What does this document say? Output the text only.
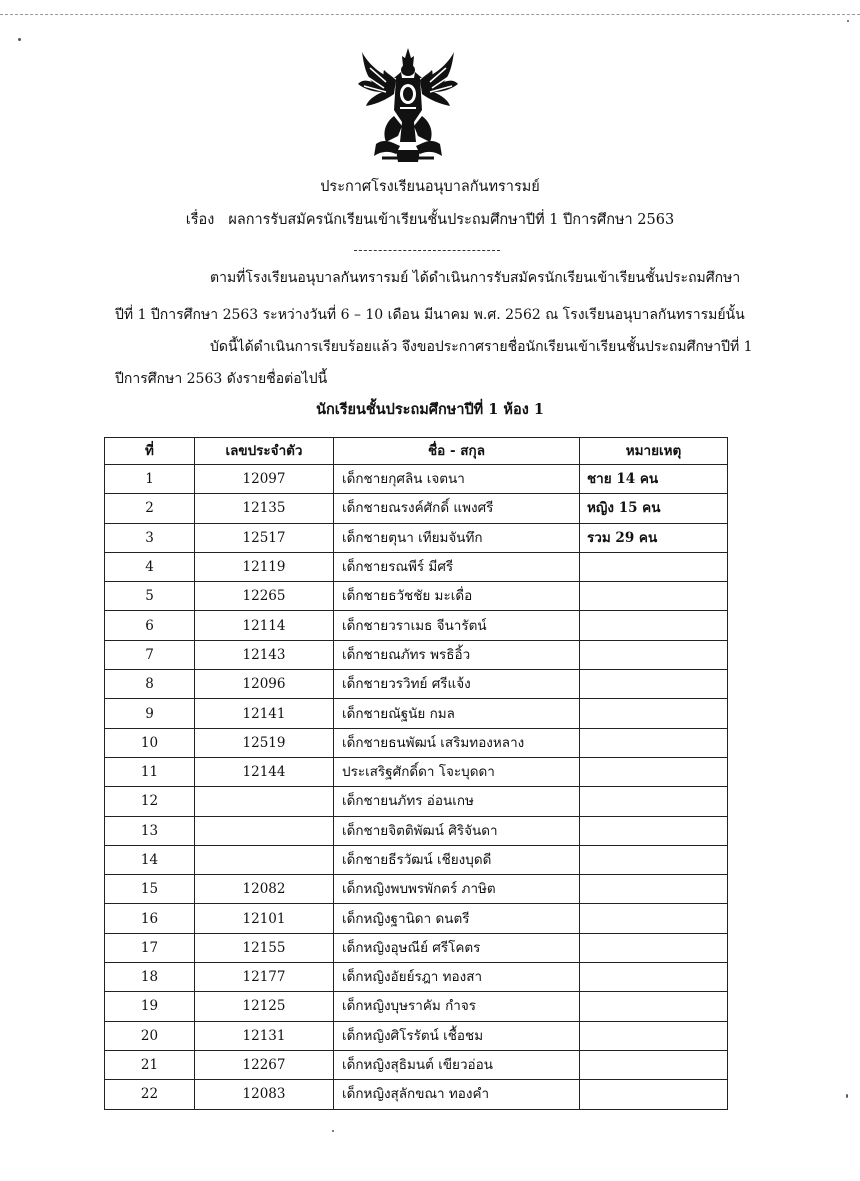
ประกาศโรงเรียนอนุบาลกันทรารมย์
เรื่อง ผลการรับสมัครนักเรียนเข้าเรียนชั้นประถมศึกษาปีที่ 1 ปีการศึกษา 2563
ตามที่โรงเรียนอนุบาลกันทรารมย์ ได้ดำเนินการรับสมัครนักเรียนเข้าเรียนชั้นประถมศึกษา
ปีที่ 1 ปีการศึกษา 2563 ระหว่างวันที่ 6 – 10 เดือน มีนาคม พ.ศ. 2562 ณ โรงเรียนอนุบาลกันทรารมย์นั้น
บัดนี้ได้ดำเนินการเรียบร้อยแล้ว จึงขอประกาศรายชื่อนักเรียนเข้าเรียนชั้นประถมศึกษาปีที่ 1
ปีการศึกษา 2563 ดังรายชื่อต่อไปนี้
นักเรียนชั้นประถมศึกษาปีที่ 1 ห้อง 1
ที่	เลขประจำตัว	ชื่อ - สกุล	หมายเหตุ
1	12097	เด็กชายกุศลิน เจตนา	ชาย 14 คน
2	12135	เด็กชายณรงค์ศักดิ์ แพงศรี	หญิง 15 คน
3	12517	เด็กชายตุนา เทียมจันทึก	รวม 29 คน
4	12119	เด็กชายรณพีร์ มีศรี	
5	12265	เด็กชายธวัชชัย มะเดื่อ	
6	12114	เด็กชายวราเมธ จีนารัตน์	
7	12143	เด็กชายณภัทร พรธิอิ้ว	
8	12096	เด็กชายวรวิทย์ ศรีแจ้ง	
9	12141	เด็กชายณัฐนัย กมล	
10	12519	เด็กชายธนพัฒน์ เสริมทองหลาง	
11	12144	ประเสริฐศักดิ์ดา โจะบุดดา	
12		เด็กชายนภัทร อ่อนเกษ	
13		เด็กชายจิตติพัฒน์ ศิริจันดา	
14		เด็กชายธีรวัฒน์ เชียงบุดดี	
15	12082	เด็กหญิงพบพรพักตร์ ภาษิต	
16	12101	เด็กหญิงฐานิดา ดนตรี	
17	12155	เด็กหญิงอุษณีย์ ศรีโคตร	
18	12177	เด็กหญิงอัยย์รฎา ทองสา	
19	12125	เด็กหญิงบุษราคัม กำจร	
20	12131	เด็กหญิงศิโรรัตน์ เชื้อชม	
21	12267	เด็กหญิงสุธิมนต์ เขียวอ่อน	
22	12083	เด็กหญิงสุลักขณา ทองคำ	
